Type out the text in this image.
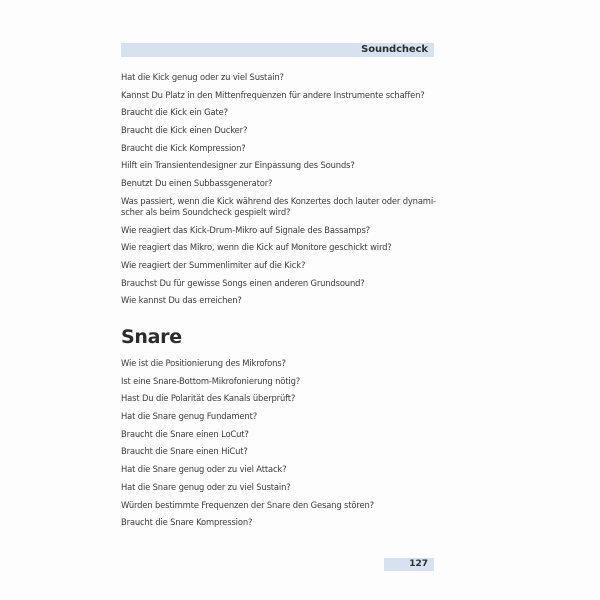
Soundcheck
Hat die Kick genug oder zu viel Sustain?
Kannst Du Platz in den Mittenfrequenzen für andere Instrumente schaffen?
Braucht die Kick ein Gate?
Braucht die Kick einen Ducker?
Braucht die Kick Kompression?
Hilft ein Transientendesigner zur Einpassung des Sounds?
Benutzt Du einen Subbassgenerator?
Was passiert, wenn die Kick während des Konzertes doch lauter oder dynami-scher als beim Soundcheck gespielt wird?
Wie reagiert das Kick-Drum-Mikro auf Signale des Bassamps?
Wie reagiert das Mikro, wenn die Kick auf Monitore geschickt wird?
Wie reagiert der Summenlimiter auf die Kick?
Brauchst Du für gewisse Songs einen anderen Grundsound?
Wie kannst Du das erreichen?
Snare
Wie ist die Positionierung des Mikrofons?
Ist eine Snare-Bottom-Mikrofonierung nötig?
Hast Du die Polarität des Kanals überprüft?
Hat die Snare genug Fundament?
Braucht die Snare einen LoCut?
Braucht die Snare einen HiCut?
Hat die Snare genug oder zu viel Attack?
Hat die Snare genug oder zu viel Sustain?
Würden bestimmte Frequenzen der Snare den Gesang stören?
Braucht die Snare Kompression?
127
